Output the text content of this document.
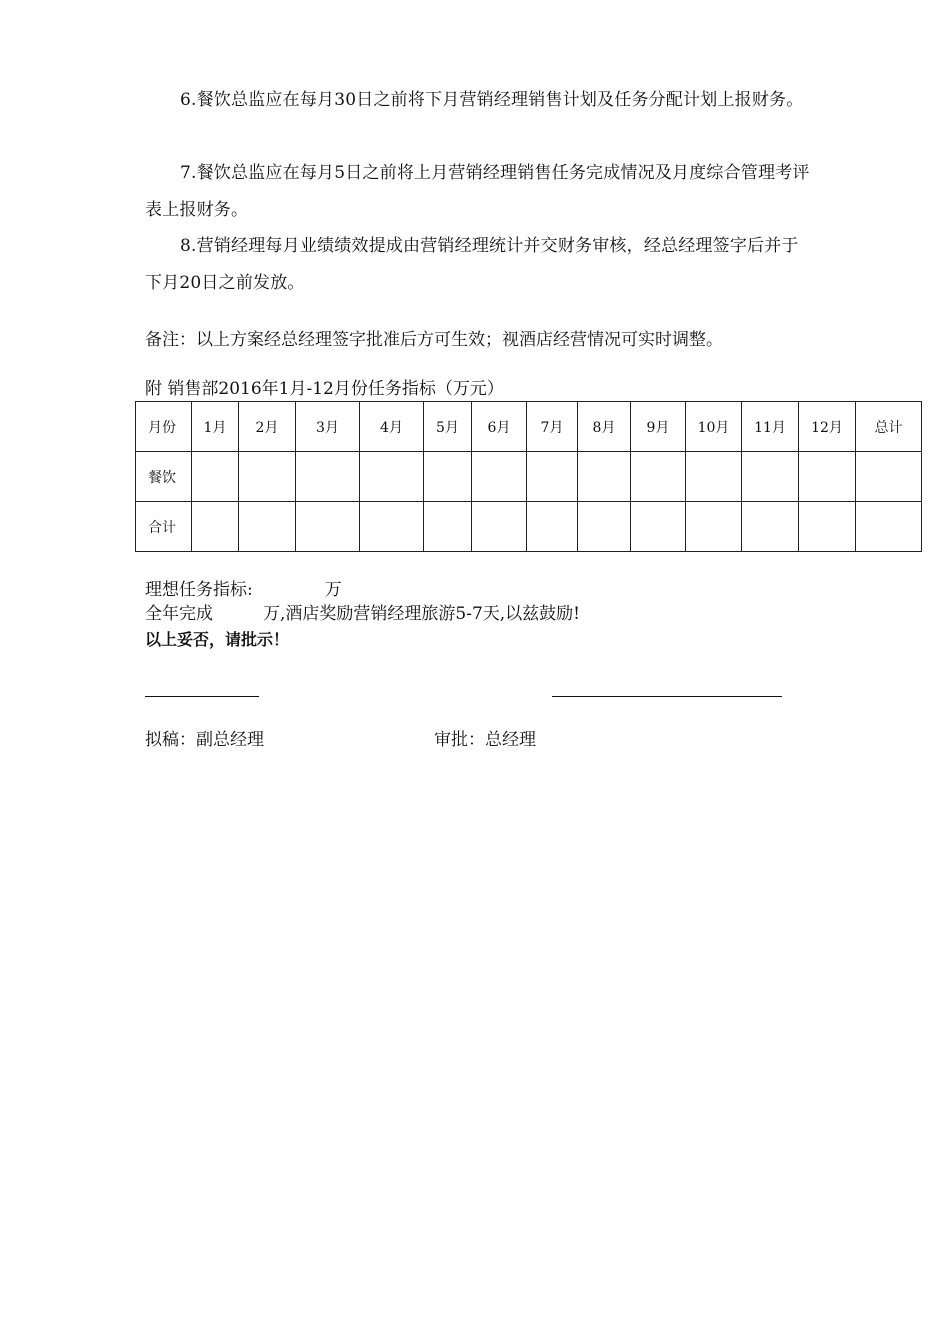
6.餐饮总监应在每月30日之前将下月营销经理销售计划及任务分配计划上报财务。
7.餐饮总监应在每月5日之前将上月营销经理销售任务完成情况及月度综合管理考评表上报财务。
8.营销经理每月业绩绩效提成由营销经理统计并交财务审核，经总经理签字后并于下月20日之前发放。
备注：以上方案经总经理签字批准后方可生效；视酒店经营情况可实时调整。
附 销售部2016年1月-12月份任务指标（万元）
月份	1月	2月	3月	4月	5月	6月	7月	8月	9月	10月	11月	12月	总计
餐饮													
合计													
理想任务指标:	万
全年完成	万,酒店奖励营销经理旅游5-7天,以兹鼓励!
以上妥否，请批示！
拟稿：副总经理	审批：总经理
